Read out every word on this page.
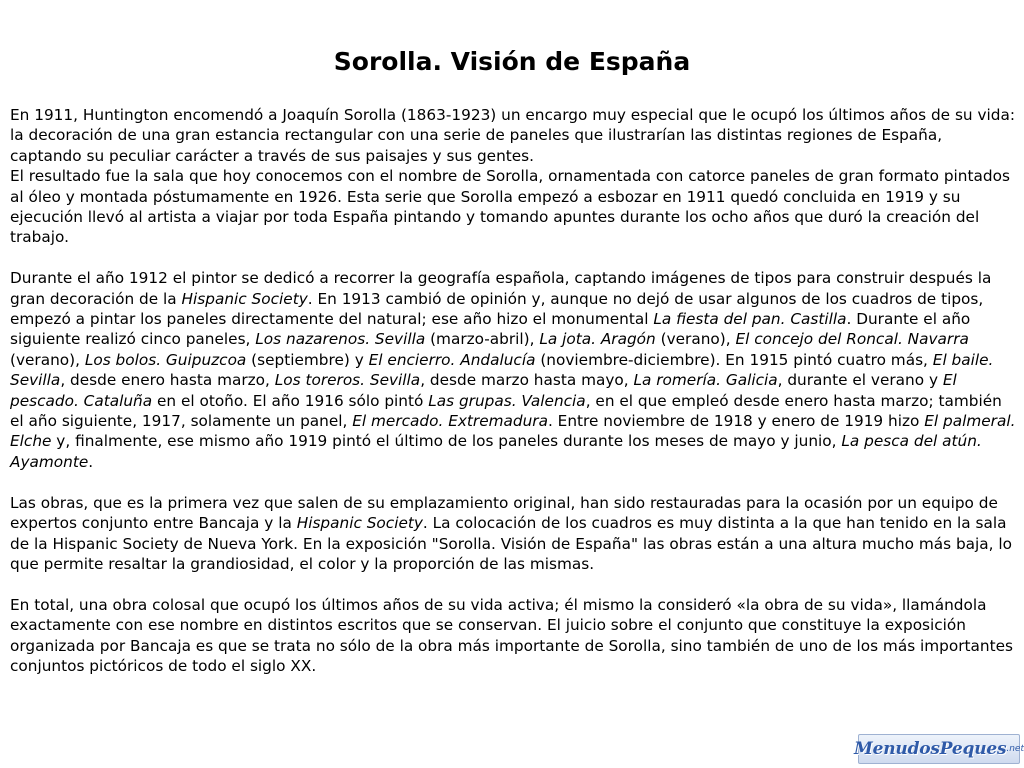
Sorolla. Visión de España

En 1911, Huntington encomendó a Joaquín Sorolla (1863-1923) un encargo muy especial que le ocupó los últimos años de su vida: la decoración de una gran estancia rectangular con una serie de paneles que ilustrarían las distintas regiones de España, captando su peculiar carácter a través de sus paisajes y sus gentes.
El resultado fue la sala que hoy conocemos con el nombre de Sorolla, ornamentada con catorce paneles de gran formato pintados al óleo y montada póstumamente en 1926. Esta serie que Sorolla empezó a esbozar en 1911 quedó concluida en 1919 y su ejecución llevó al artista a viajar por toda España pintando y tomando apuntes durante los ocho años que duró la creación del trabajo.

Durante el año 1912 el pintor se dedicó a recorrer la geografía española, captando imágenes de tipos para construir después la gran decoración de la Hispanic Society. En 1913 cambió de opinión y, aunque no dejó de usar algunos de los cuadros de tipos, empezó a pintar los paneles directamente del natural; ese año hizo el monumental La fiesta del pan. Castilla. Durante el año siguiente realizó cinco paneles, Los nazarenos. Sevilla (marzo-abril), La jota. Aragón (verano), El concejo del Roncal. Navarra (verano), Los bolos. Guipuzcoa (septiembre) y El encierro. Andalucía (noviembre-diciembre). En 1915 pintó cuatro más, El baile. Sevilla, desde enero hasta marzo, Los toreros. Sevilla, desde marzo hasta mayo, La romería. Galicia, durante el verano y El pescado. Cataluña en el otoño. El año 1916 sólo pintó Las grupas. Valencia, en el que empleó desde enero hasta marzo; también el año siguiente, 1917, solamente un panel, El mercado. Extremadura. Entre noviembre de 1918 y enero de 1919 hizo El palmeral. Elche y, finalmente, ese mismo año 1919 pintó el último de los paneles durante los meses de mayo y junio, La pesca del atún. Ayamonte.

Las obras, que es la primera vez que salen de su emplazamiento original, han sido restauradas para la ocasión por un equipo de expertos conjunto entre Bancaja y la Hispanic Society. La colocación de los cuadros es muy distinta a la que han tenido en la sala de la Hispanic Society de Nueva York. En la exposición "Sorolla. Visión de España" las obras están a una altura mucho más baja, lo que permite resaltar la grandiosidad, el color y la proporción de las mismas.

En total, una obra colosal que ocupó los últimos años de su vida activa; él mismo la consideró «la obra de su vida», llamándola exactamente con ese nombre en distintos escritos que se conservan. El juicio sobre el conjunto que constituye la exposición organizada por Bancaja es que se trata no sólo de la obra más importante de Sorolla, sino también de uno de los más importantes conjuntos pictóricos de todo el siglo XX.

MenudosPeques .net
